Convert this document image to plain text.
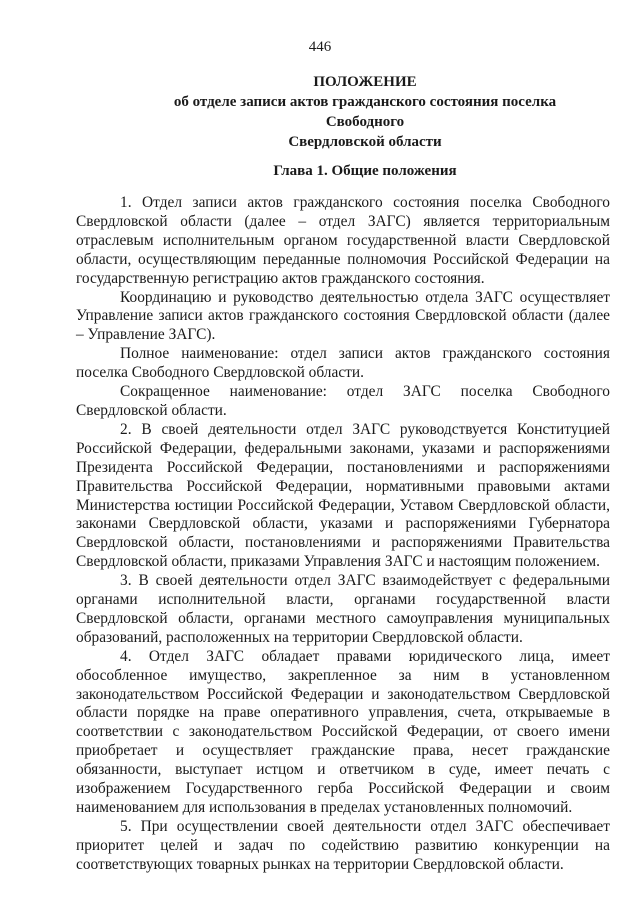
446
ПОЛОЖЕНИЕ
об отделе записи актов гражданского состояния поселка Свободного
Свердловской области
Глава 1. Общие положения

1. Отдел записи актов гражданского состояния поселка Свободного Свердловской области (далее – отдел ЗАГС) является территориальным отраслевым исполнительным органом государственной власти Свердловской области, осуществляющим переданные полномочия Российской Федерации на государственную регистрацию актов гражданского состояния.

Координацию и руководство деятельностью отдела ЗАГС осуществляет Управление записи актов гражданского состояния Свердловской области (далее – Управление ЗАГС).

Полное наименование: отдел записи актов гражданского состояния поселка Свободного Свердловской области.

Сокращенное наименование: отдел ЗАГС поселка Свободного Свердловской области.

2. В своей деятельности отдел ЗАГС руководствуется Конституцией Российской Федерации, федеральными законами, указами и распоряжениями Президента Российской Федерации, постановлениями и распоряжениями Правительства Российской Федерации, нормативными правовыми актами Министерства юстиции Российской Федерации, Уставом Свердловской области, законами Свердловской области, указами и распоряжениями Губернатора Свердловской области, постановлениями и распоряжениями Правительства Свердловской области, приказами Управления ЗАГС и настоящим положением.

3. В своей деятельности отдел ЗАГС взаимодействует с федеральными органами исполнительной власти, органами государственной власти Свердловской области, органами местного самоуправления муниципальных образований, расположенных на территории Свердловской области.

4. Отдел ЗАГС обладает правами юридического лица, имеет обособленное имущество, закрепленное за ним в установленном законодательством Российской Федерации и законодательством Свердловской области порядке на праве оперативного управления, счета, открываемые в соответствии с законодательством Российской Федерации, от своего имени приобретает и осуществляет гражданские права, несет гражданские обязанности, выступает истцом и ответчиком в суде, имеет печать с изображением Государственного герба Российской Федерации и своим наименованием для использования в пределах установленных полномочий.

5. При осуществлении своей деятельности отдел ЗАГС обеспечивает приоритет целей и задач по содействию развитию конкуренции на соответствующих товарных рынках на территории Свердловской области.
